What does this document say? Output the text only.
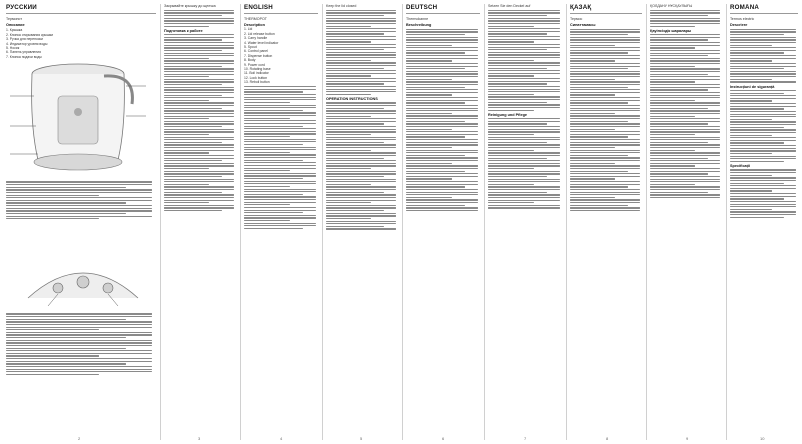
РУССКИЙ
Термопот
Описание
1. Крышка
2. Кнопка открывания крышки
3. Ручка для переноски
4. Индикатор уровня воды
5. Носик
6. Панель управления
7. Кнопка подачи воды
Закрывайте крышку до щелчка
Подготовка к работе
ENGLISH
THERMOPOT
Description
1. Lid
2. Lid release button
3. Carry handle
4. Water level indicator
5. Spout
6. Control panel
7. Dispense button
8. Body
9. Power cord
10. Rotating base
11. Boil indicator
12. Lock button
13. Reboil button
Keep the lid closed
OPERATION INSTRUCTIONS
DEUTSCH
Thermokanne
Beschreibung
Setzen Sie den Deckel auf
Reinigung und Pflege
ҚАЗАҚ
Термос
Сипаттамасы
ҚОЛДАНУ НҰСҚАУЛЫҒЫ
Қауіпсіздік шаралары
ROMÂNĂ
Termos electric
Descriere
Instrucțiuni de siguranță
Specificații
2	3	4	5	6	7	8	9	10
